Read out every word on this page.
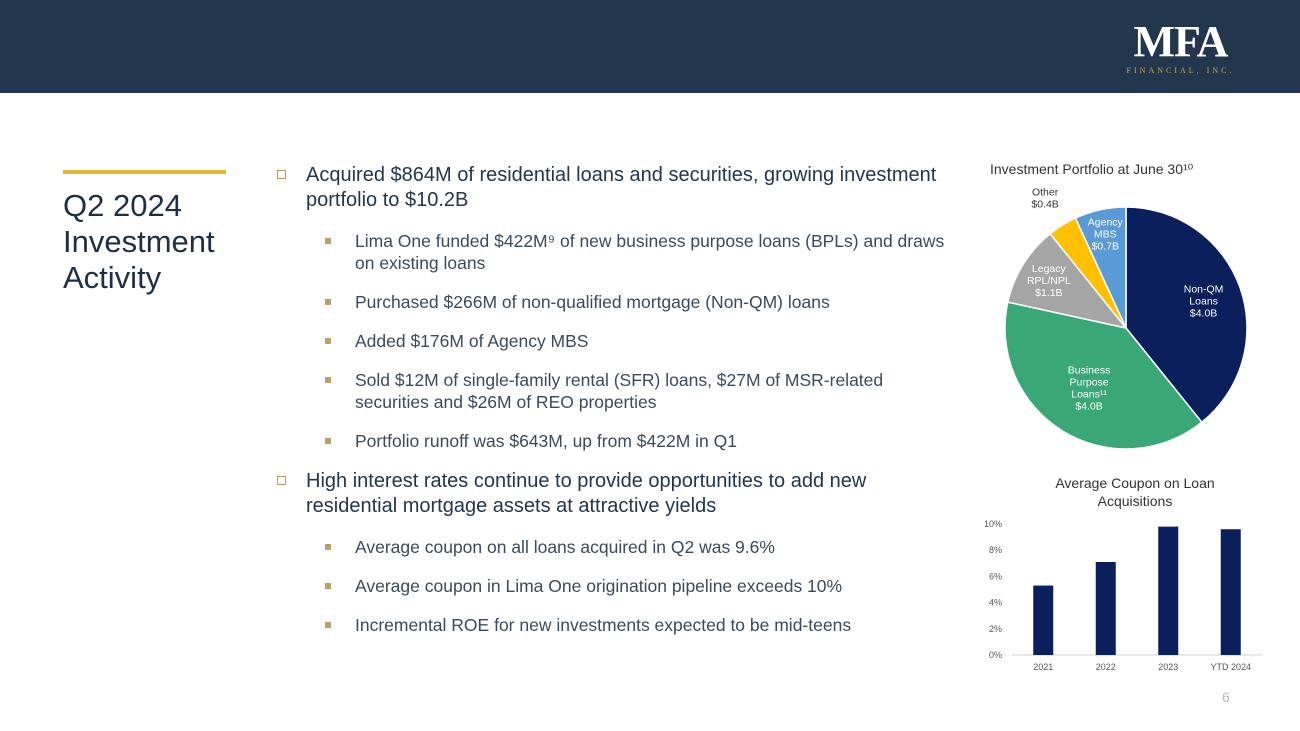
MFA
FINANCIAL, INC.
Q2 2024
Investment
Activity
Acquired $864M of residential loans and securities, growing investment portfolio to $10.2B
Lima One funded $422M⁹ of new business purpose loans (BPLs) and draws on existing loans
Purchased $266M of non-qualified mortgage (Non-QM) loans
Added $176M of Agency MBS
Sold $12M of single-family rental (SFR) loans, $27M of MSR-related securities and $26M of REO properties
Portfolio runoff was $643M, up from $422M in Q1
High interest rates continue to provide opportunities to add new residential mortgage assets at attractive yields
Average coupon on all loans acquired in Q2 was 9.6%
Average coupon in Lima One origination pipeline exceeds 10%
Incremental ROE for new investments expected to be mid-teens
Investment Portfolio at June 30¹⁰
Average Coupon on Loan Acquisitions
Non-QM Loans $4.0B
Business Purpose Loans¹¹ $4.0B
Legacy RPL/NPL $1.1B
Other $0.4B
Agency MBS $0.7B
0%
2%
4%
6%
8%
10%
2021	2022	2023	YTD 2024
6
